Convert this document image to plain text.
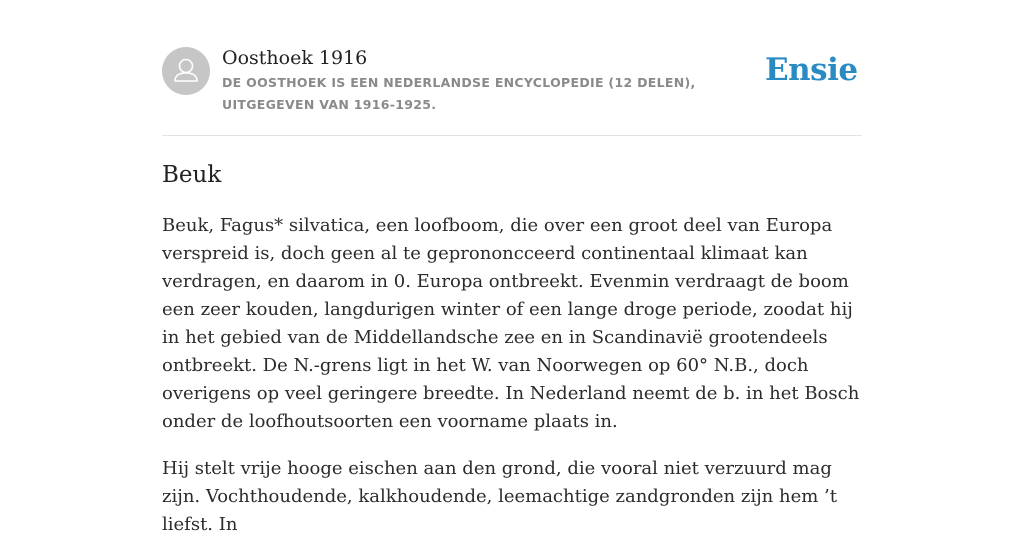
Oosthoek 1916
DE OOSTHOEK IS EEN NEDERLANDSE ENCYCLOPEDIE (12 DELEN), UITGEGEVEN VAN 1916-1925.
Ensie
Beuk

Beuk, Fagus* silvatica, een loofboom, die over een groot deel van Europa verspreid is, doch geen al te geprononcceerd continentaal klimaat kan verdragen, en daarom in 0. Europa ontbreekt. Evenmin verdraagt de boom een zeer kouden, langdurigen winter of een lange droge periode, zoodat hij in het gebied van de Middellandsche zee en in Scandinavië grootendeels ontbreekt. De N.-grens ligt in het W. van Noorwegen op 60° N.B., doch overigens op veel geringere breedte. In Nederland neemt de b. in het Bosch onder de loofhoutsoorten een voorname plaats in.

Hij stelt vrije hooge eischen aan den grond, die vooral niet verzuurd mag zijn. Vochthoudende, kalkhoudende, leemachtige zandgronden zijn hem ’t liefst. In
